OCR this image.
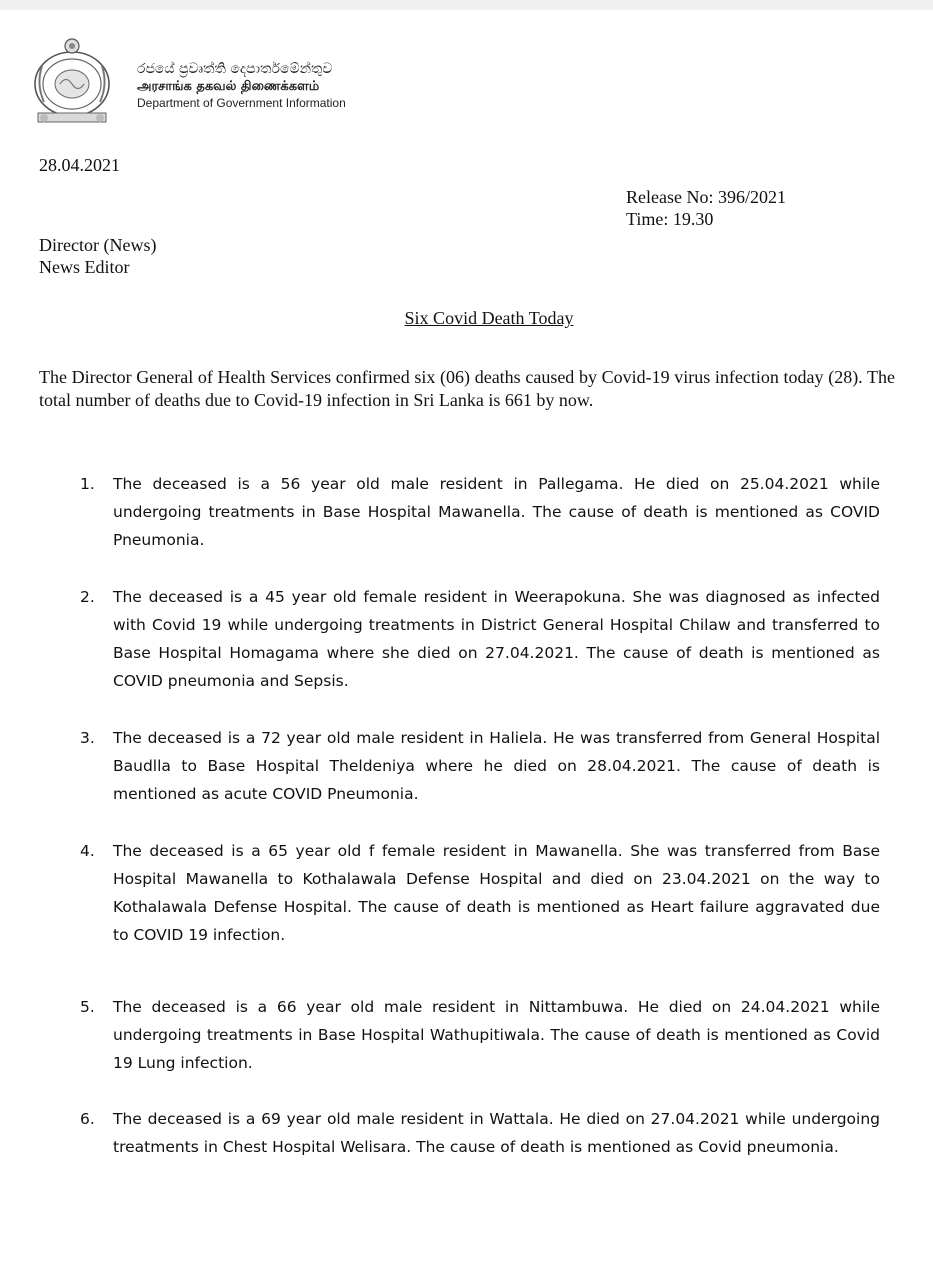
රජයේ ප්‍රවෘත්ති දෙපාර්තමේන්තුව
அரசாங்க தகவல் திணைக்களம்
Department of Government Information
28.04.2021
Release No: 396/2021
Time: 19.30
Director (News)
News Editor
Six Covid Death Today
The Director General of Health Services confirmed six (06) deaths caused by Covid-19 virus infection today (28). The total number of deaths due to Covid-19 infection in Sri Lanka is 661 by now.
1. The deceased is a 56 year old male resident in Pallegama. He died on 25.04.2021 while undergoing treatments in Base Hospital Mawanella. The cause of death is mentioned as COVID Pneumonia.
2. The deceased is a 45 year old female resident in Weerapokuna. She was diagnosed as infected with Covid 19 while undergoing treatments in District General Hospital Chilaw and transferred to Base Hospital Homagama where she died on 27.04.2021. The cause of death is mentioned as COVID pneumonia and Sepsis.
3. The deceased is a 72 year old male resident in Haliela. He was transferred from General Hospital Baudlla to Base Hospital Theldeniya where he died on 28.04.2021. The cause of death is mentioned as acute COVID Pneumonia.
4. The deceased is a 65 year old f female resident in Mawanella. She was transferred from Base Hospital Mawanella to Kothalawala Defense Hospital and died on 23.04.2021 on the way to Kothalawala Defense Hospital. The cause of death is mentioned as Heart failure aggravated due to COVID 19 infection.
5. The deceased is a 66 year old male resident in Nittambuwa. He died on 24.04.2021 while undergoing treatments in Base Hospital Wathupitiwala. The cause of death is mentioned as Covid 19 Lung infection.
6. The deceased is a 69 year old male resident in Wattala. He died on 27.04.2021 while undergoing treatments in Chest Hospital Welisara. The cause of death is mentioned as Covid pneumonia.
